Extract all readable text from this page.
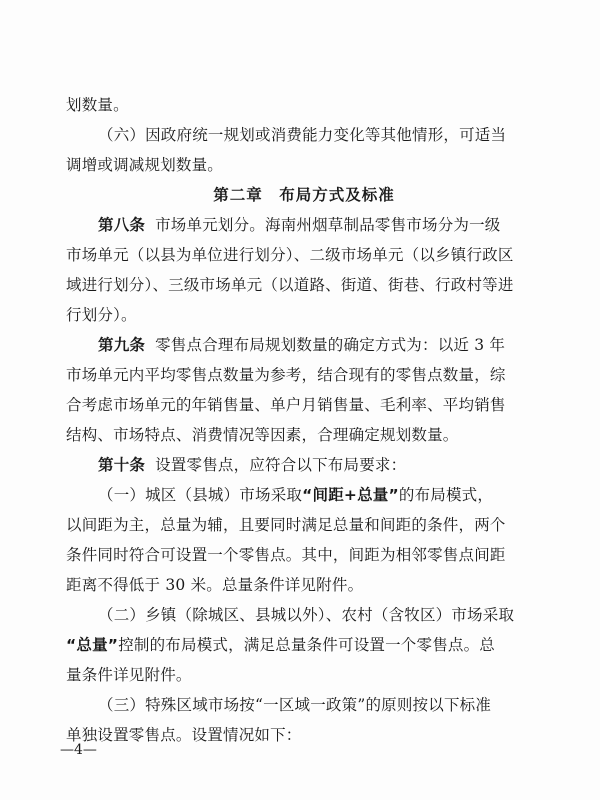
划数量。
（六）因政府统一规划或消费能力变化等其他情形，可适当
调增或调减规划数量。
第二章　布局方式及标准
第八条 市场单元划分。海南州烟草制品零售市场分为一级
市场单元（以县为单位进行划分）、二级市场单元（以乡镇行政区
域进行划分）、三级市场单元（以道路、街道、街巷、行政村等进
行划分）。
第九条 零售点合理布局规划数量的确定方式为：以近 3 年
市场单元内平均零售点数量为参考，结合现有的零售点数量，综
合考虑市场单元的年销售量、单户月销售量、毛利率、平均销售
结构、市场特点、消费情况等因素，合理确定规划数量。
第十条 设置零售点，应符合以下布局要求：
（一）城区（县城）市场采取“间距+总量”的布局模式，
以间距为主，总量为辅，且要同时满足总量和间距的条件，两个
条件同时符合可设置一个零售点。其中，间距为相邻零售点间距
距离不得低于 30 米。总量条件详见附件。
（二）乡镇（除城区、县城以外）、农村（含牧区）市场采取
“总量”控制的布局模式，满足总量条件可设置一个零售点。总
量条件详见附件。
（三）特殊区域市场按“一区域一政策”的原则按以下标准
单独设置零售点。设置情况如下：
—4—
